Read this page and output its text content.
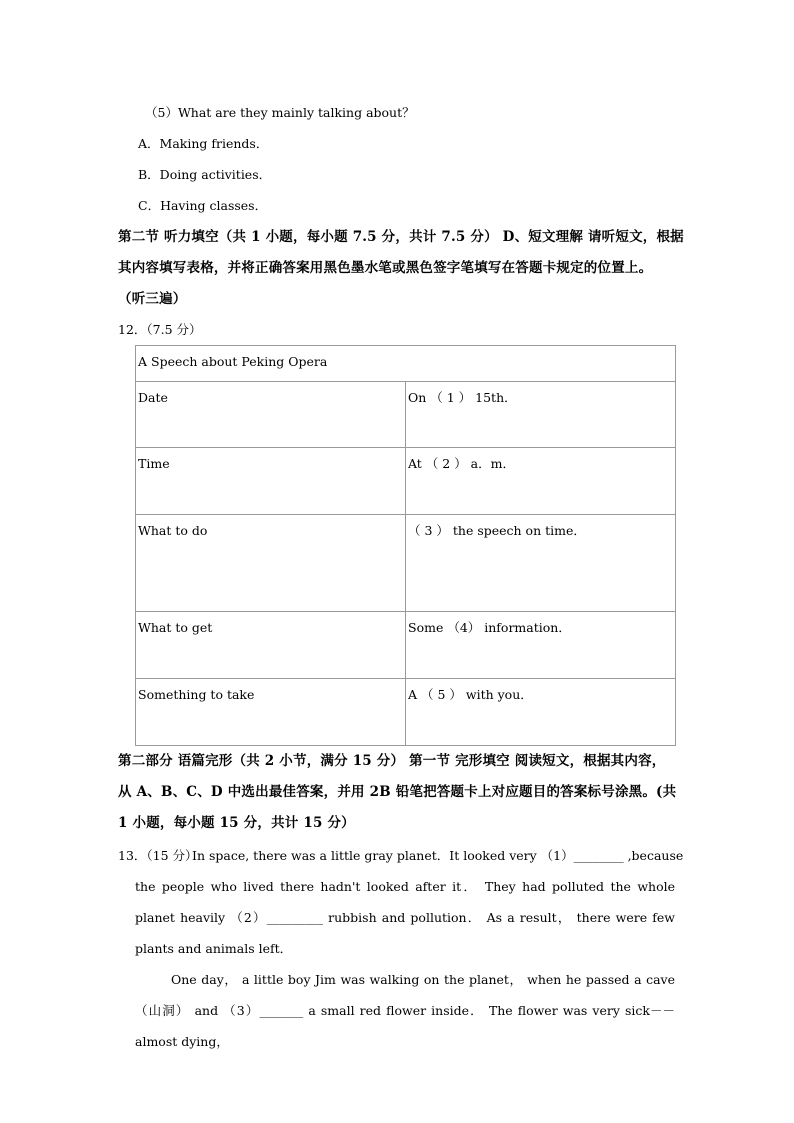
（5）What are they mainly talking about？
A．Making friends．
B．Doing activities．
C．Having classes．
第二节 听力填空（共 1 小题，每小题 7.5 分，共计 7.5 分） D、短文理解 请听短文，根据
其内容填写表格，并将正确答案用黑色墨水笔或黑色签字笔填写在答题卡规定的位置上。
（听三遍）
12．（7.5 分）
A Speech about Peking Opera	
Date	On （ 1 ） 15th．
Time	At （ 2 ） a．m．
What to do	（ 3 ） the speech on time．
What to get	Some （4） information．
Something to take	A （ 5 ） with you．
第二部分 语篇完形（共 2 小节，满分 15 分） 第一节 完形填空 阅读短文，根据其内容，
从 A、B、C、D 中选出最佳答案，并用 2B 铅笔把答题卡上对应题目的答案标号涂黑。(共
1 小题，每小题 15 分，共计 15 分）
13．（15 分）
In space, there was a little gray planet．It looked very （1）________ ,because
the people who lived there hadn't looked after it． They had polluted the whole planet heavily （2）_________ rubbish and pollution． As a result， there were few plants and animals left．
One day， a little boy Jim was walking on the planet， when he passed a cave（山洞） and （3）_______ a small red flower inside． The flower was very sick－－almost dying，
